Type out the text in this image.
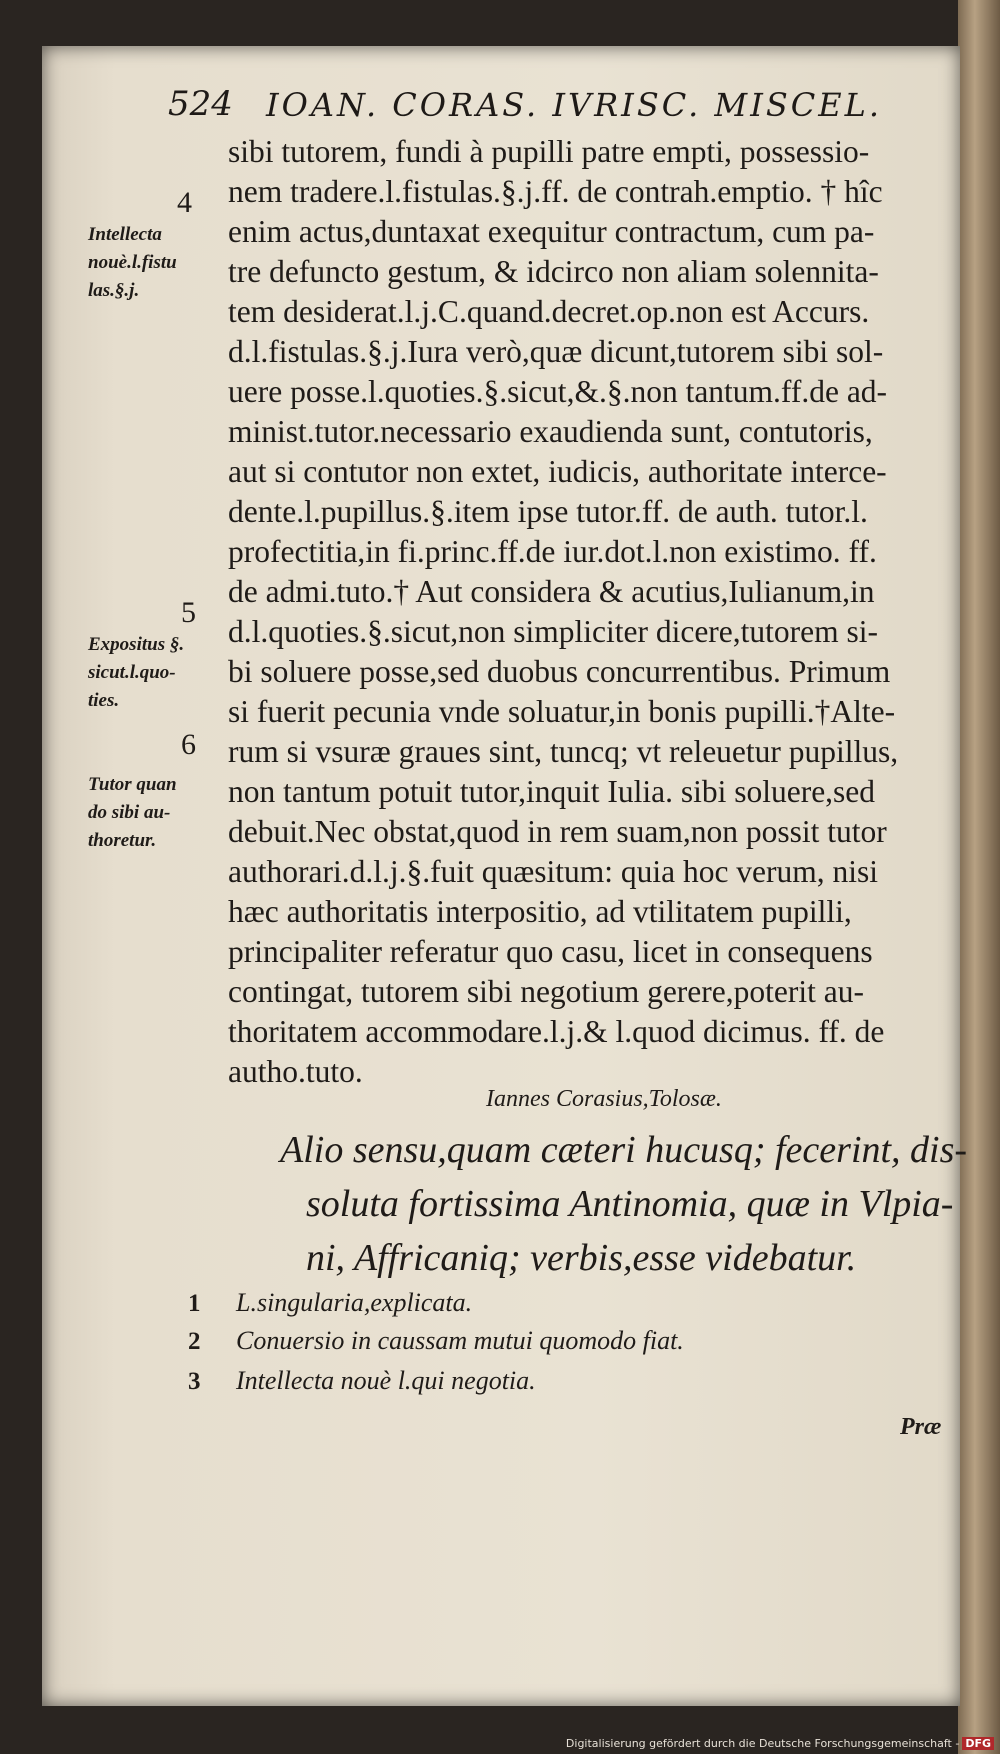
524 IOAN. CORAS. IVRISC. MISCEL.
sibi tutorem, fundi à pupilli patre empti, possessio-
nem tradere.l.fistulas.§.j.ff. de contrah.emptio. † hîc
enim actus,duntaxat exequitur contractum, cum pa-
tre defuncto gestum, & idcirco non aliam solennita-
tem desiderat.l.j.C.quand.decret.op.non est Accurs.
d.l.fistulas.§.j.Iura verò,quæ dicunt,tutorem sibi sol-
uere posse.l.quoties.§.sicut,&.§.non tantum.ff.de ad-
minist.tutor.necessario exaudienda sunt, contutoris,
aut si contutor non extet, iudicis, authoritate interce-
dente.l.pupillus.§.item ipse tutor.ff. de auth. tutor.l.
profectitia,in fi.princ.ff.de iur.dot.l.non existimo. ff.
de admi.tuto.† Aut considera & acutius,Iulianum,in
d.l.quoties.§.sicut,non simpliciter dicere,tutorem si-
bi soluere posse,sed duobus concurrentibus. Primum
si fuerit pecunia vnde soluatur,in bonis pupilli.†Alte-
rum si vsuræ graues sint, tuncq; vt releuetur pupillus,
non tantum potuit tutor,inquit Iulia. sibi soluere,sed
debuit.Nec obstat,quod in rem suam,non possit tutor
authorari.d.l.j.§.fuit quæsitum: quia hoc verum, nisi
hæc authoritatis interpositio, ad vtilitatem pupilli,
principaliter referatur quo casu, licet in consequens
contingat, tutorem sibi negotium gerere,poterit au-
thoritatem accommodare.l.j.& l.quod dicimus. ff. de
autho.tuto.
4
5
6
Intellecta
nouè.l.fistu
las.§.j.
Expositus §.
sicut.l.quo-
ties.
Tutor quan
do sibi au-
thoretur.
Iannes Corasius,Tolosæ.
Alio sensu,quam cæteri hucusq; fecerint, dis-
soluta fortissima Antinomia, quæ in Vlpia-
ni, Affricaniq; verbis,esse videbatur.
1 L.singularia,explicata.
2 Conuersio in caussam mutui quomodo fiat.
3 Intellecta nouè l.qui negotia.
Præ
Digitalisierung gefördert durch die Deutsche Forschungsgemeinschaft - DFG
